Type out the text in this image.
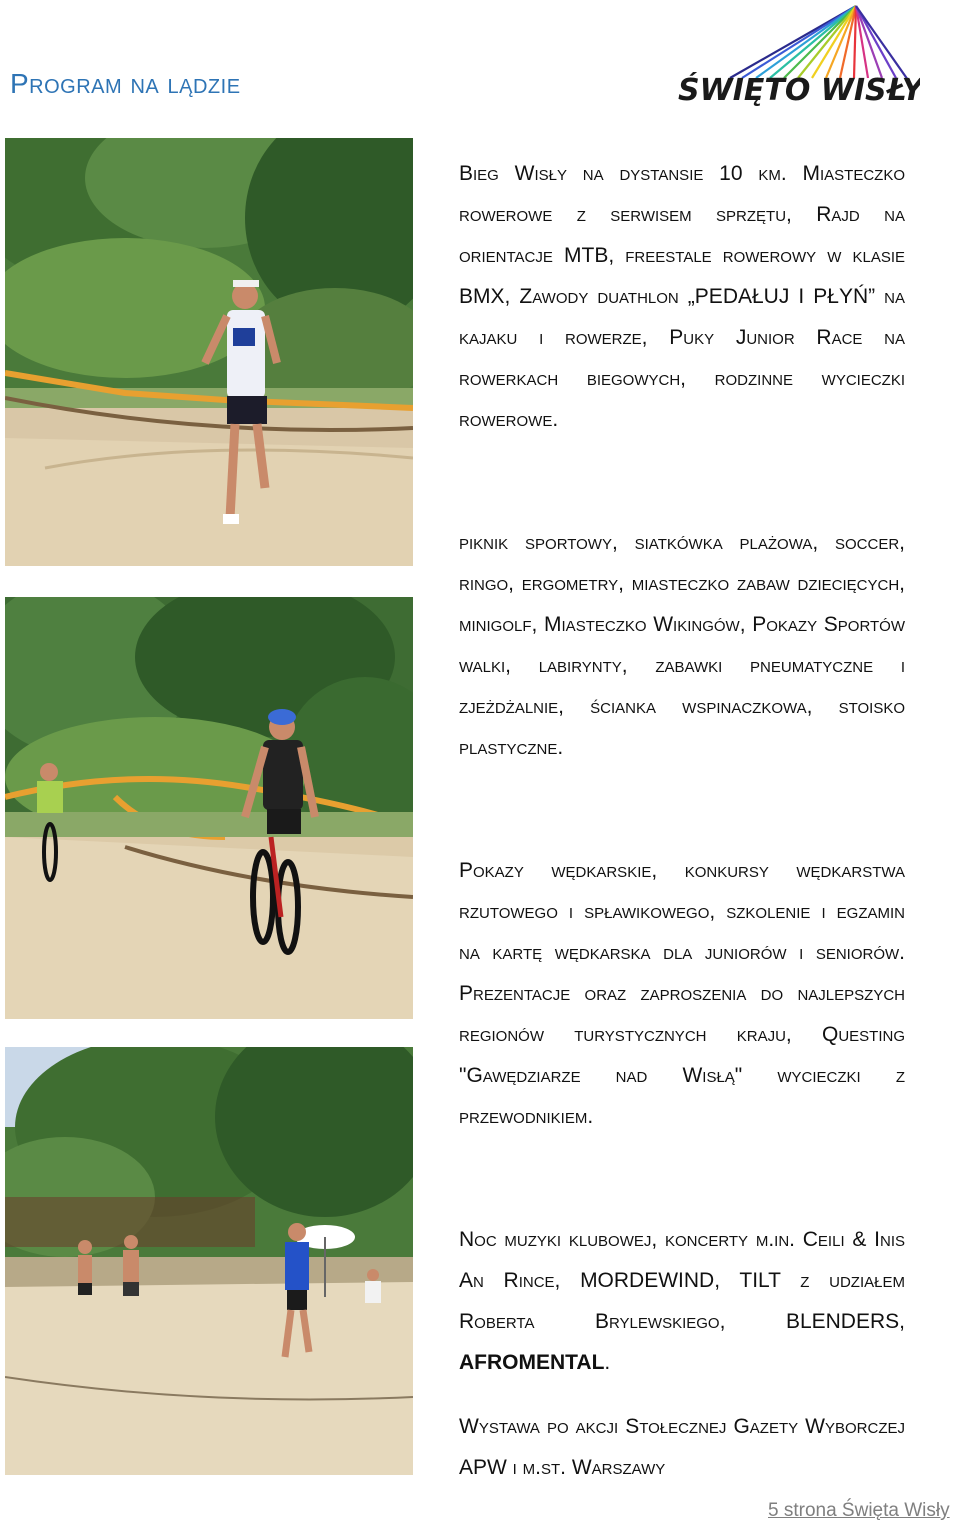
Program na lądzie	ŚWIĘTO WISŁY
Bieg Wisły na dystansie 10 km. Miasteczko rowerowe z serwisem sprzętu, Rajd na orientacje MTB, freestale rowerowy w klasie BMX, Zawody duathlon „PEDAŁUJ I PŁYŃ” na kajaku i rowerze, Puky Junior Race na rowerkach biegowych, rodzinne wycieczki rowerowe.
piknik sportowy, siatkówka plażowa, soccer, ringo, ergometry, miasteczko zabaw dziecięcych, minigolf, Miasteczko Wikingów, Pokazy Sportów walki, labirynty, zabawki pneumatyczne i zjeżdżalnie, ścianka wspinaczkowa, stoisko plastyczne.
Pokazy wędkarskie, konkursy wędkarstwa rzutowego i spławikowego, szkolenie i egzamin na kartę wędkarska dla juniorów i seniorów. Prezentacje oraz zaproszenia do najlepszych regionów turystycznych kraju, Questing "Gawędziarze nad Wisłą" wycieczki z przewodnikiem.
Noc muzyki klubowej, koncerty m.in. Ceili & Inis An Rince, MORDEWIND, TILT z udziałem Roberta Brylewskiego, BLENDERS, AFROMENTAL.
Wystawa po akcji Stołecznej Gazety Wyborczej APW i m.st. Warszawy
5 strona Święta Wisły
